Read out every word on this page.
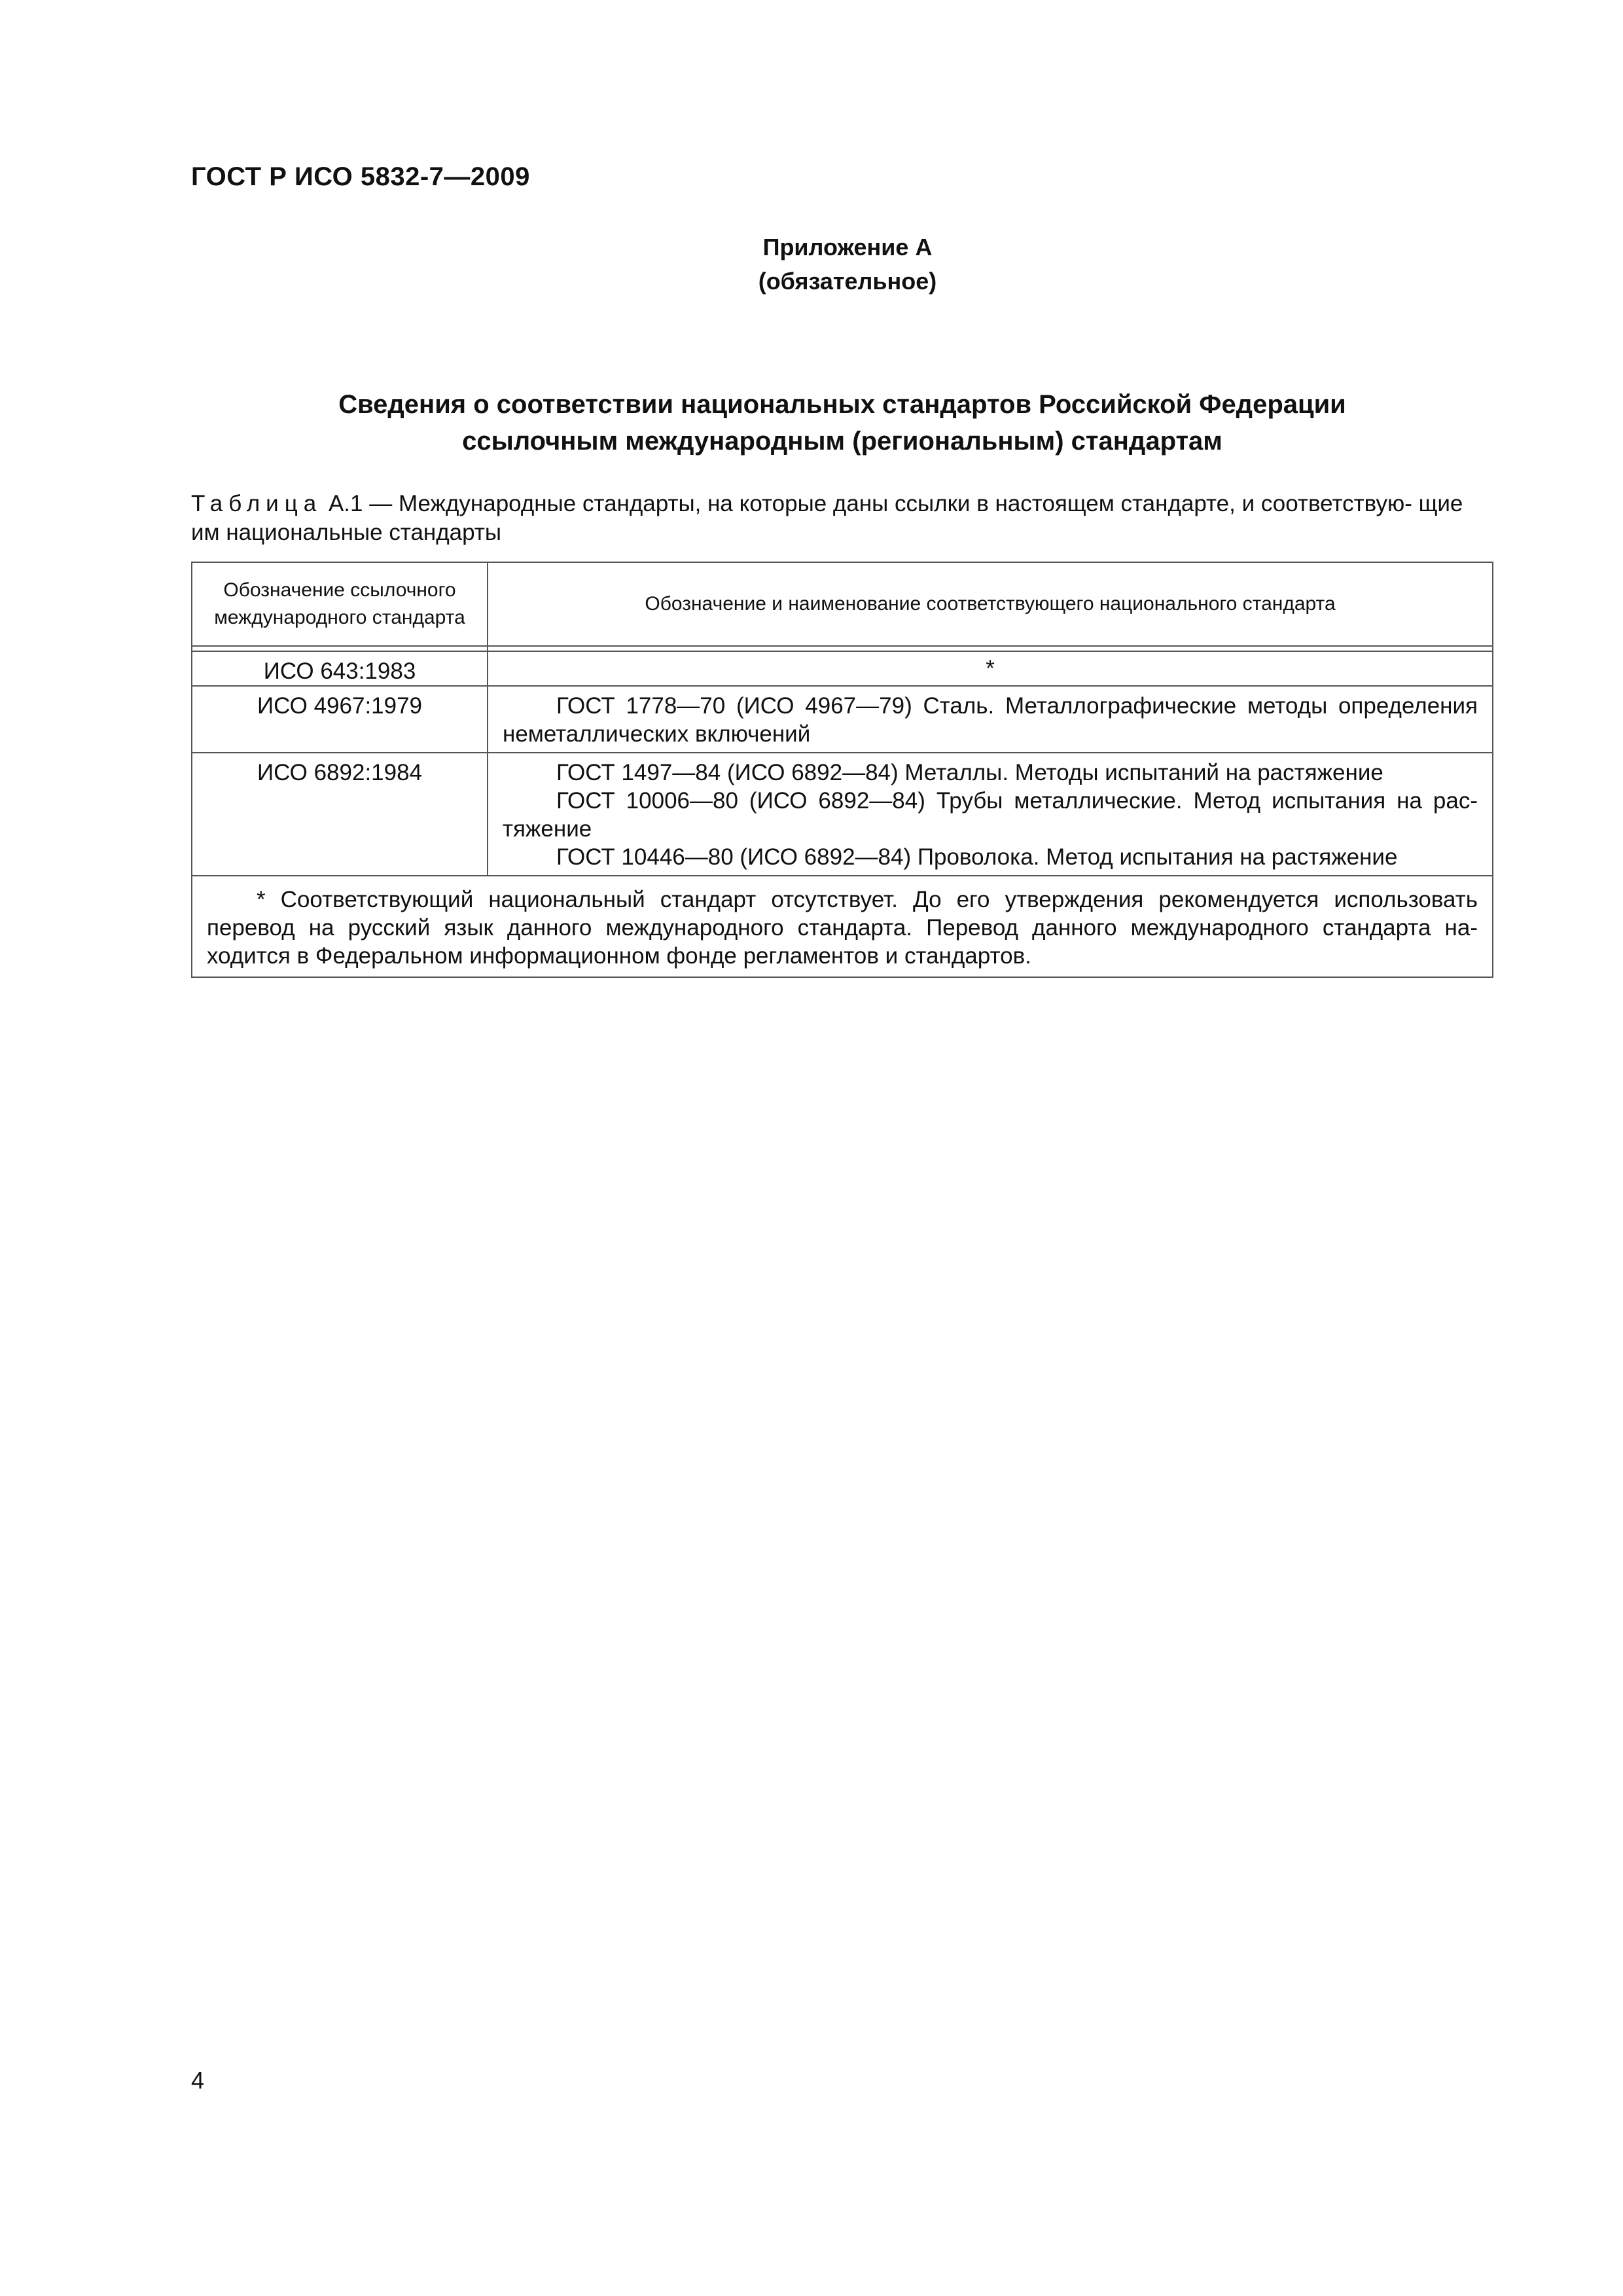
ГОСТ Р ИСО 5832-7—2009
Приложение А
(обязательное)
Сведения о соответствии национальных стандартов Российской Федерации
ссылочным международным (региональным) стандартам
Таблица А.1 — Международные стандарты, на которые даны ссылки в настоящем стандарте, и соответствую- щие им национальные стандарты
Обозначение ссылочного международного стандарта	Обозначение и наименование соответствующего национального стандарта

ИСО 643:1983	*
ИСО 4967:1979	ГОСТ 1778—70 (ИСО 4967—79) Сталь. Металлографические методы определения неметаллических включений

ИСО 6892:1984	ГОСТ 1497—84 (ИСО 6892—84) Металлы. Методы испытаний на растяжение

ГОСТ 10006—80 (ИСО 6892—84) Трубы металлические. Метод испытания на рас- тяжение

ГОСТ 10446—80 (ИСО 6892—84) Проволока. Метод испытания на растяжение

* Соответствующий национальный стандарт отсутствует. До его утверждения рекомендуется использовать перевод на русский язык данного международного стандарта. Перевод данного международного стандарта на- ходится в Федеральном информационном фонде регламентов и стандартов.	

4
